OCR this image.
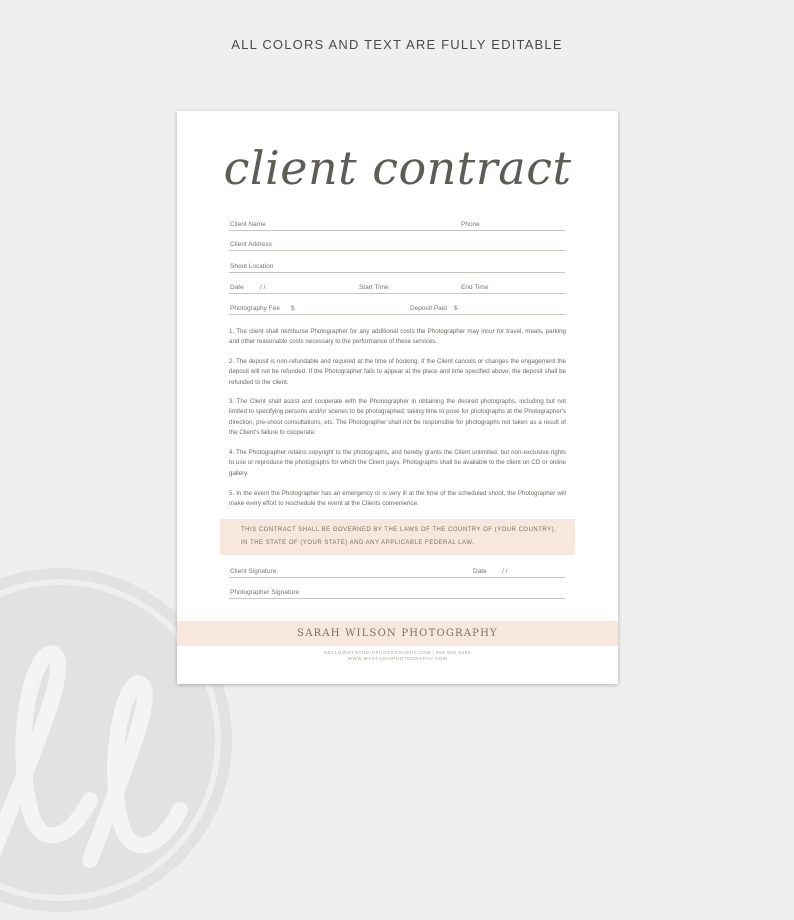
ALL COLORS AND TEXT ARE FULLY EDITABLE
client contract
Client Name	Phone
Client Address
Shoot Location
Date	/ /	Start Time	End Time
Photography Fee $	Deposit Paid $

1. The client shall reimburse Photographer for any additional costs the Photographer may incur for travel, meals, parking and other reasonable costs necessary to the performance of these services.

2. The deposit is non-refundable and required at the time of booking. If the Client cancels or changes the engagement the deposit will not be refunded. If the Photographer fails to appear at the place and time specified above, the deposit shall be refunded to the client.

3. The Client shall assist and cooperate with the Phonographer in obtaining the desired photographs, including but not limited to specifying persons and/or scenes to be photographed; taking time to pose for photographs at the Photographer's direction; pre-shoot consultations, etc. The Photographer shall not be responsible for photographs not taken as a result of the Client's failure to cooperate.

4. The Photographer retains copyright to the photographs, and hereby grants the Client unlimited, but non-exclusive rights to use or reproduce the photographs for which the Client pays. Photographs shall be available to the client on CD or online gallery.

5. In the event the Photographer has an emergency or is very ill at the time of the scheduled shoot, the Photographer will make every effort to reschedule the event at the Clients convenience.

THIS CONTRACT SHALL BE GOVERNED BY THE LAWS OF THE COUNTRY OF (YOUR COUNTRY),
IN THE STATE OF (YOUR STATE) AND ANY APPLICABLE FEDERAL LAW.
Client Signature	Date / /
Photographer Signature
SARAH WILSON PHOTOGRAPHY
HELLO@MYSTUDIOPHOTOGRAPHY.COM | 555.555.5555
WWW.MYSTUDIOPHOTOGRAPHY.COM
